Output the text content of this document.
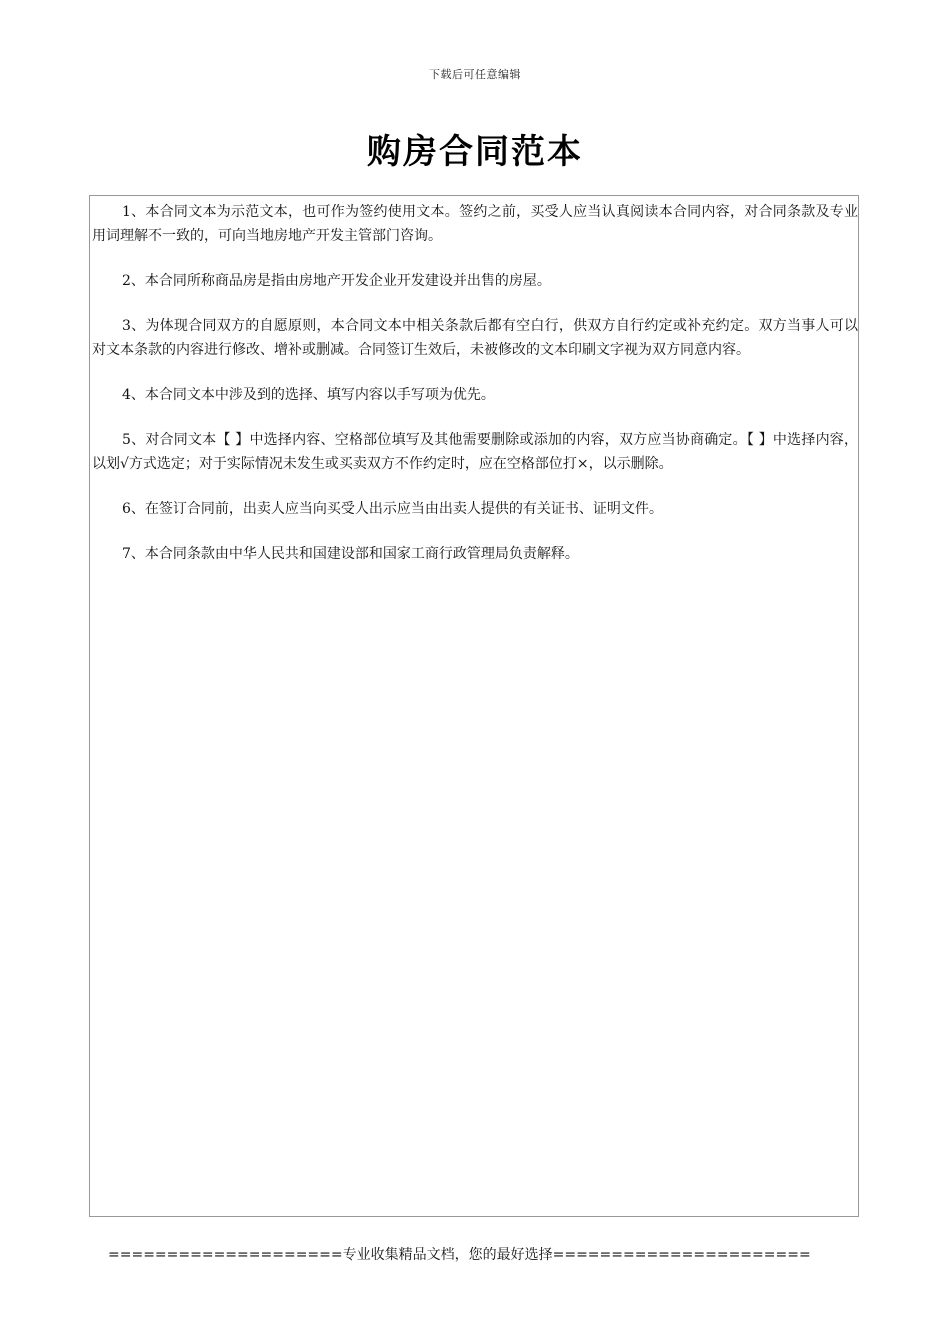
下载后可任意编辑
购房合同范本

1、本合同文本为示范文本，也可作为签约使用文本。签约之前，买受人应当认真阅读本合同内容，对合同条款及专业用词理解不一致的，可向当地房地产开发主管部门咨询。

2、本合同所称商品房是指由房地产开发企业开发建设并出售的房屋。

3、为体现合同双方的自愿原则，本合同文本中相关条款后都有空白行，供双方自行约定或补充约定。双方当事人可以对文本条款的内容进行修改、增补或删减。合同签订生效后，未被修改的文本印刷文字视为双方同意内容。

4、本合同文本中涉及到的选择、填写内容以手写项为优先。

5、对合同文本【 】中选择内容、空格部位填写及其他需要删除或添加的内容，双方应当协商确定。【 】中选择内容，以划√方式选定；对于实际情况未发生或买卖双方不作约定时，应在空格部位打×，以示删除。

6、在签订合同前，出卖人应当向买受人出示应当由出卖人提供的有关证书、证明文件。

7、本合同条款由中华人民共和国建设部和国家工商行政管理局负责解释。

====================专业收集精品文档，您的最好选择======================
